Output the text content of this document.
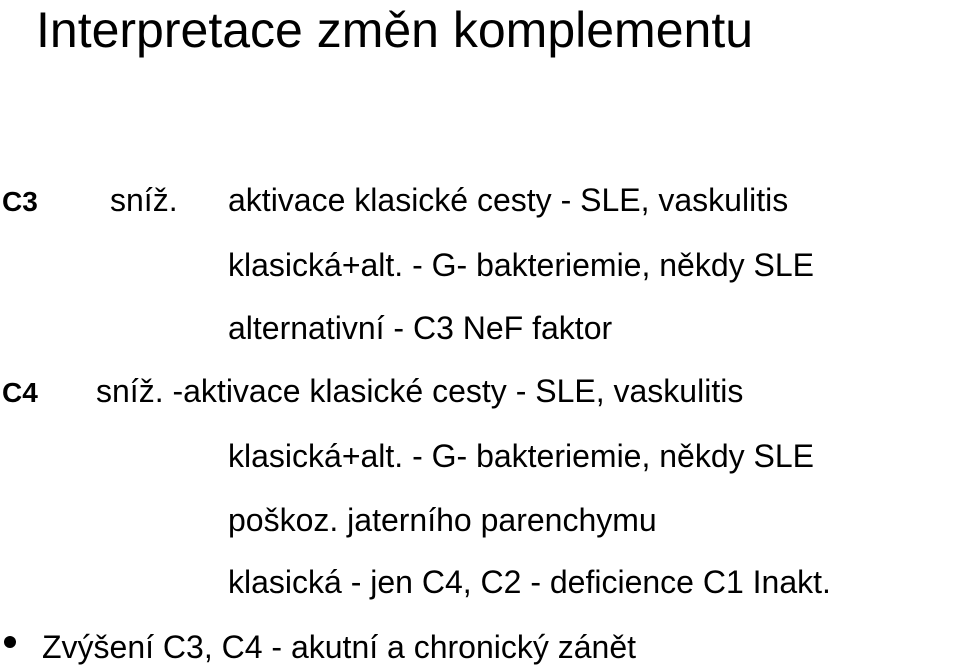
Interpretace změn komplementu
C3 sníž. aktivace klasické cesty - SLE, vaskulitis
klasická+alt. - G- bakteriemie, někdy SLE
alternativní - C3 NeF faktor
C4 sníž. -aktivace klasické cesty - SLE, vaskulitis
klasická+alt. - G- bakteriemie, někdy SLE
poškoz. jaterního parenchymu
klasická - jen C4, C2 - deficience C1 Inakt.
Zvýšení C3, C4 - akutní a chronický zánět
